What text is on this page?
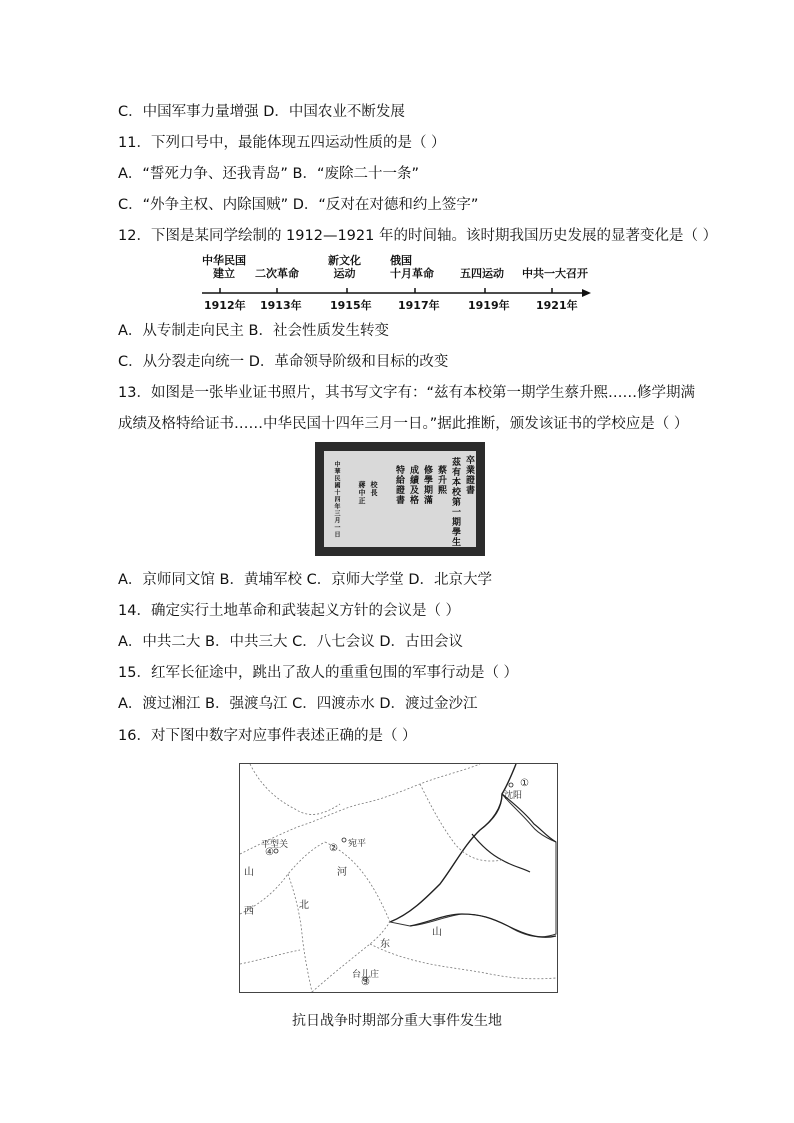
C．中国军事力量增强 D．中国农业不断发展
11．下列口号中，最能体现五四运动性质的是（ ）
A．“誓死力争、还我青岛” B．“废除二十一条”
C．“外争主权、内除国贼” D．“反对在对德和约上签字”
12．下图是某同学绘制的 1912—1921 年的时间轴。该时期我国历史发展的显著变化是（ ）
中华民国
建立	二次革命
新文化
运动
俄国
十月革命 五四运动 中共一大召开
1912年 1913年	1915年 1917年	1919年 1921年
A．从专制走向民主 B．社会性质发生转变
C．从分裂走向统一 D．革命领导阶级和目标的改变
13．如图是一张毕业证书照片，其书写文字有：“兹有本校第一期学生蔡升熙……修学期满
成绩及格特给证书……中华民国十四年三月一日。”据此推断，颁发该证书的学校应是（ ）
卒業證書
茲有本校第一期學生
蔡升熙
修學期滿
成績及格
特給證書
校長
蔣中正
中華民國十四年三月一日
A．京师同文馆 B．黄埔军校 C．京师大学堂 D．北京大学
14．确定实行土地革命和武装起义方针的会议是（ ）
A．中共二大 B．中共三大 C．八七会议 D．古田会议
15．红军长征途中，跳出了敌人的重重包围的军事行动是（ ）
A．渡过湘江 B．强渡乌江 C．四渡赤水 D．渡过金沙江
16．对下图中数字对应事件表述正确的是（ ）
沈阳
①
平型关
④	② 宛平
山
西
河
北
山
东
台儿庄
③
抗日战争时期部分重大事件发生地
